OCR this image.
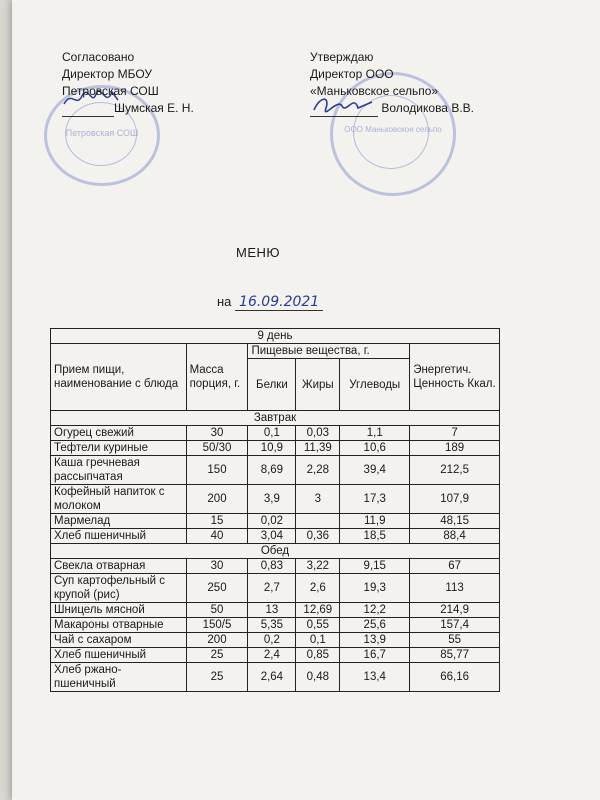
Петровская СОШ
Согласовано
Директор МБОУ
Петровская СОШ
Шумская Е. Н.
ООО Маньковское сельпо
Утверждаю
Директор ООО
«Маньковское сельпо»
Володикова В.В.
МЕНЮ
на 16.09.2021
9 день					
Прием пищи, наименование с блюда	Масса порция, г.	Пищевые вещества, г.			Энергетич. Ценность Ккал.
		Белки	Жиры	Углеводы	
Завтрак					
Огурец свежий	30	0,1	0,03	1,1	7
Тефтели куриные	50/30	10,9	11,39	10,6	189
Каша гречневая рассыпчатая	150	8,69	2,28	39,4	212,5
Кофейный напиток с молоком	200	3,9	3	17,3	107,9
Мармелад	15	0,02		11,9	48,15
Хлеб пшеничный	40	3,04	0,36	18,5	88,4
Обед					
Свекла отварная	30	0,83	3,22	9,15	67
Суп картофельный с крупой (рис)	250	2,7	2,6	19,3	113
Шницель мясной	50	13	12,69	12,2	214,9
Макароны отварные	150/5	5,35	0,55	25,6	157,4
Чай с сахаром	200	0,2	0,1	13,9	55
Хлеб пшеничный	25	2,4	0,85	16,7	85,77
Хлеб ржано-пшеничный	25	2,64	0,48	13,4	66,16
